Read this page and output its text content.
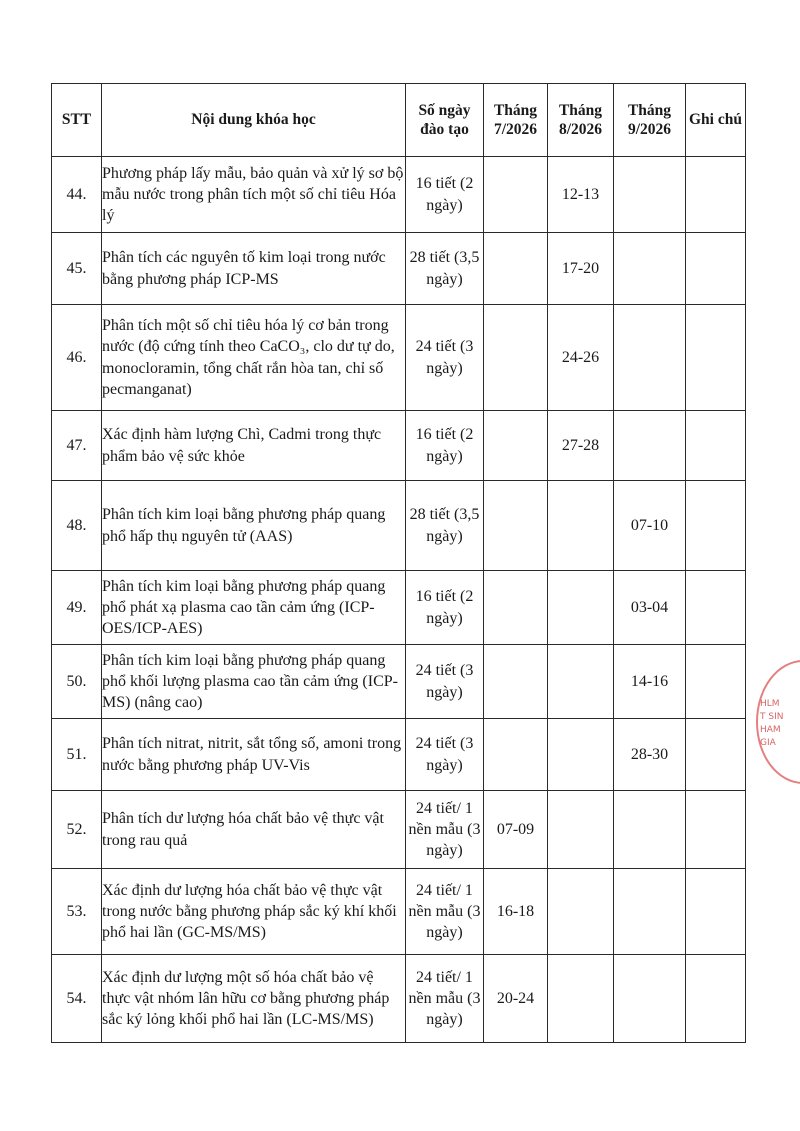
STT	Nội dung khóa học	Số ngày đào tạo	Tháng 7/2026	Tháng 8/2026	Tháng 9/2026	Ghi chú
44.	Phương pháp lấy mẫu, bảo quản và xử lý sơ bộ mẫu nước trong phân tích một số chỉ tiêu Hóa lý	16 tiết (2 ngày)		12-13		
45.	Phân tích các nguyên tố kim loại trong nước bằng phương pháp ICP-MS	28 tiết (3,5 ngày)		17-20		
46.	Phân tích một số chỉ tiêu hóa lý cơ bản trong nước (độ cứng tính theo CaCO₃, clo dư tự do, monocloramin, tổng chất rắn hòa tan, chỉ số pecmanganat)	24 tiết (3 ngày)		24-26		
47.	Xác định hàm lượng Chì, Cadmi trong thực phẩm bảo vệ sức khỏe	16 tiết (2 ngày)		27-28		
48.	Phân tích kim loại bằng phương pháp quang phổ hấp thụ nguyên tử (AAS)	28 tiết (3,5 ngày)			07-10	
49.	Phân tích kim loại bằng phương pháp quang phổ phát xạ plasma cao tần cảm ứng (ICP-OES/ICP-AES)	16 tiết (2 ngày)			03-04	
50.	Phân tích kim loại bằng phương pháp quang phổ khối lượng plasma cao tần cảm ứng (ICP-MS) (nâng cao)	24 tiết (3 ngày)			14-16	
51.	Phân tích nitrat, nitrit, sắt tổng số, amoni trong nước bằng phương pháp UV-Vis	24 tiết (3 ngày)			28-30	
52.	Phân tích dư lượng hóa chất bảo vệ thực vật trong rau quả	24 tiết/ 1 nền mẫu (3 ngày)	07-09			
53.	Xác định dư lượng hóa chất bảo vệ thực vật trong nước bằng phương pháp sắc ký khí khối phổ hai lần (GC-MS/MS)	24 tiết/ 1 nền mẫu (3 ngày)	16-18			
54.	Xác định dư lượng một số hóa chất bảo vệ thực vật nhóm lân hữu cơ bằng phương pháp sắc ký lỏng khối phổ hai lần (LC-MS/MS)	24 tiết/ 1 nền mẫu (3 ngày)	20-24			
HLM
T SIN
HAM
GIA
